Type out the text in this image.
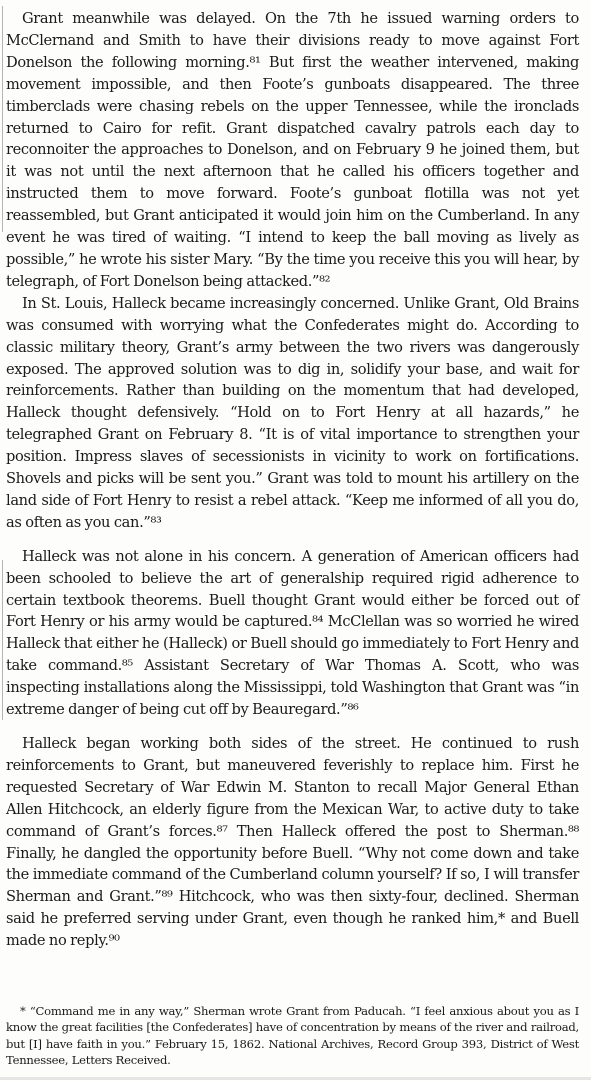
Grant meanwhile was delayed. On the 7th he issued warning orders to McClernand and Smith to have their divisions ready to move against Fort Donelson the following morning.⁸¹ But first the weather intervened, making movement impossible, and then Foote’s gunboats disappeared. The three timberclads were chasing rebels on the upper Tennessee, while the ironclads returned to Cairo for refit. Grant dispatched cavalry patrols each day to reconnoiter the approaches to Donelson, and on February 9 he joined them, but it was not until the next afternoon that he called his officers together and instructed them to move forward. Foote’s gunboat flotilla was not yet reassembled, but Grant anticipated it would join him on the Cumberland. In any event he was tired of waiting. “I intend to keep the ball moving as lively as possible,” he wrote his sister Mary. “By the time you receive this you will hear, by telegraph, of Fort Donelson being attacked.”⁸²

In St. Louis, Halleck became increasingly concerned. Unlike Grant, Old Brains was consumed with worrying what the Confederates might do. According to classic military theory, Grant’s army between the two rivers was dangerously exposed. The approved solution was to dig in, solidify your base, and wait for reinforcements. Rather than building on the momentum that had developed, Halleck thought defensively. “Hold on to Fort Henry at all hazards,” he telegraphed Grant on February 8. “It is of vital importance to strengthen your position. Impress slaves of secessionists in vicinity to work on fortifications. Shovels and picks will be sent you.” Grant was told to mount his artillery on the land side of Fort Henry to resist a rebel attack. “Keep me informed of all you do, as often as you can.”⁸³

Halleck was not alone in his concern. A generation of American officers had been schooled to believe the art of generalship required rigid adherence to certain textbook theorems. Buell thought Grant would either be forced out of Fort Henry or his army would be captured.⁸⁴ McClellan was so worried he wired Halleck that either he (Halleck) or Buell should go immediately to Fort Henry and take command.⁸⁵ Assistant Secretary of War Thomas A. Scott, who was inspecting installations along the Mississippi, told Washington that Grant was “in extreme danger of being cut off by Beauregard.”⁸⁶

Halleck began working both sides of the street. He continued to rush reinforcements to Grant, but maneuvered feverishly to replace him. First he requested Secretary of War Edwin M. Stanton to recall Major General Ethan Allen Hitchcock, an elderly figure from the Mexican War, to active duty to take command of Grant’s forces.⁸⁷ Then Halleck offered the post to Sherman.⁸⁸ Finally, he dangled the opportunity before Buell. “Why not come down and take the immediate command of the Cumberland column yourself? If so, I will transfer Sherman and Grant.”⁸⁹ Hitchcock, who was then sixty-four, declined. Sherman said he preferred serving under Grant, even though he ranked him,* and Buell made no reply.⁹⁰

* “Command me in any way,” Sherman wrote Grant from Paducah. “I feel anxious about you as I know the great facilities [the Confederates] have of concentration by means of the river and railroad, but [I] have faith in you.” February 15, 1862. National Archives, Record Group 393, District of West Tennessee, Letters Received.
